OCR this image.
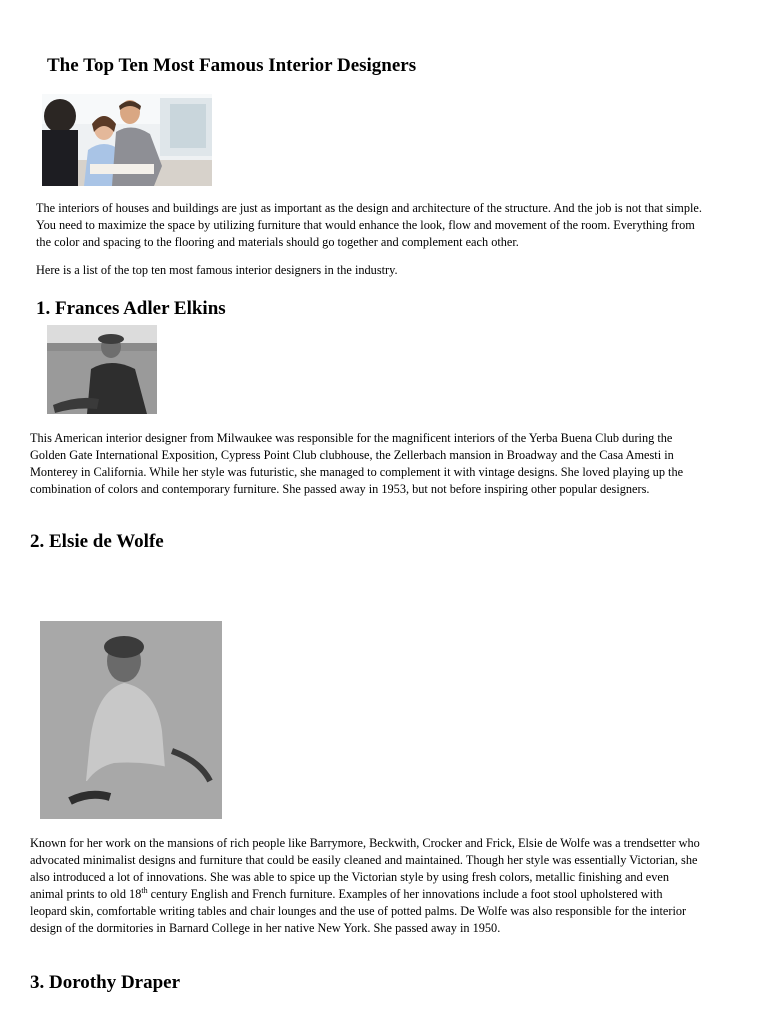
The Top Ten Most Famous Interior Designers

The interiors of houses and buildings are just as important as the design and architecture of the structure. And the job is not that simple. You need to maximize the space by utilizing furniture that would enhance the look, flow and movement of the room. Everything from the color and spacing to the flooring and materials should go together and complement each other.

Here is a list of the top ten most famous interior designers in the industry.

1. Frances Adler Elkins

This American interior designer from Milwaukee was responsible for the magnificent interiors of the Yerba Buena Club during the Golden Gate International Exposition, Cypress Point Club clubhouse, the Zellerbach mansion in Broadway and the Casa Amesti in Monterey in California. While her style was futuristic, she managed to complement it with vintage designs. She loved playing up the combination of colors and contemporary furniture. She passed away in 1953, but not before inspiring other popular designers.

2. Elsie de Wolfe

Known for her work on the mansions of rich people like Barrymore, Beckwith, Crocker and Frick, Elsie de Wolfe was a trendsetter who advocated minimalist designs and furniture that could be easily cleaned and maintained. Though her style was essentially Victorian, she also introduced a lot of innovations. She was able to spice up the Victorian style by using fresh colors, metallic finishing and even animal prints to old 18th century English and French furniture. Examples of her innovations include a foot stool upholstered with leopard skin, comfortable writing tables and chair lounges and the use of potted palms. De Wolfe was also responsible for the interior design of the dormitories in Barnard College in her native New York. She passed away in 1950.

3. Dorothy Draper
